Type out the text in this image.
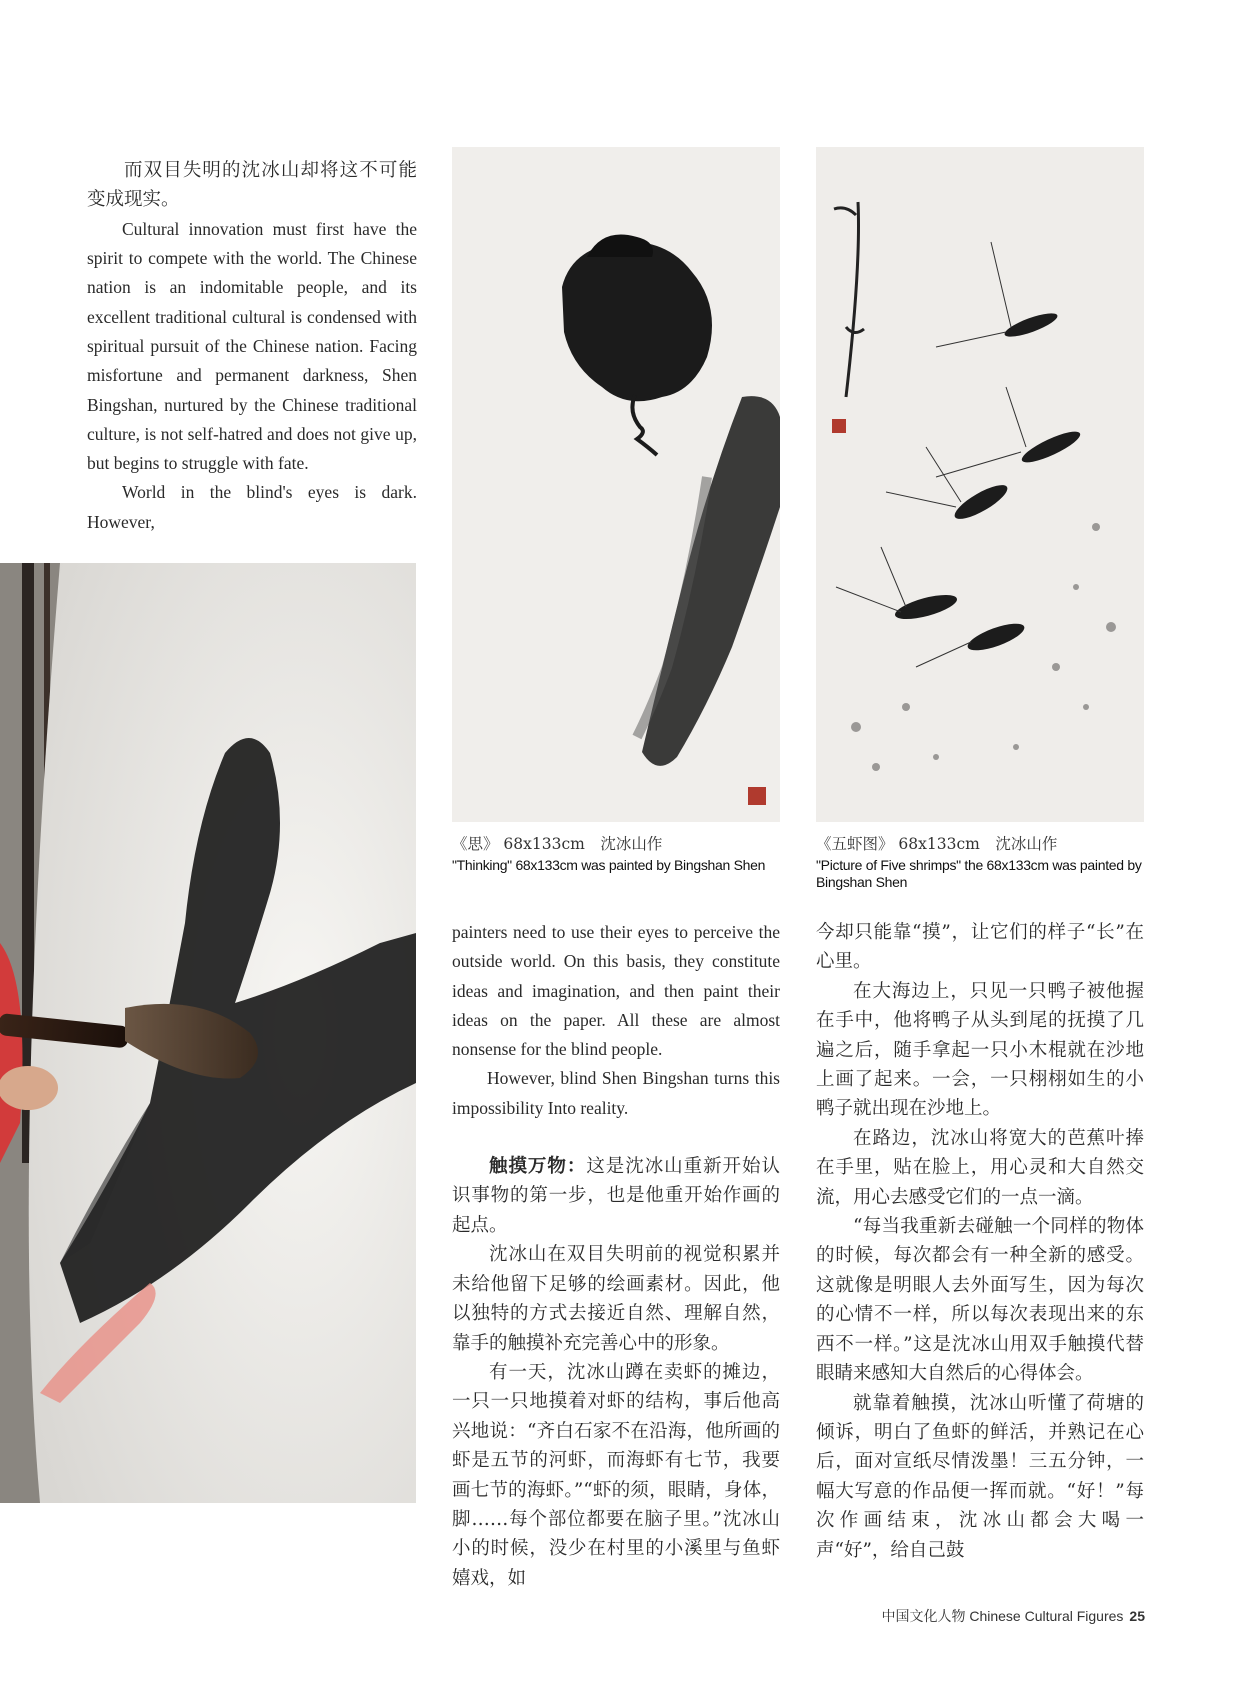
而双目失明的沈冰山却将这不可能变成现实。

Cultural innovation must first have the spirit to compete with the world. The Chinese nation is an indomitable people, and its excellent traditional cultural is condensed with spiritual pursuit of the Chinese nation. Facing misfortune and permanent darkness, Shen Bingshan, nurtured by the Chinese traditional culture, is not self-hatred and does not give up, but begins to struggle with fate.

World in the blind's eyes is dark. However,

《思》 68x133cm　沈冰山作
"Thinking" 68x133cm was painted by Bingshan Shen
《五虾图》 68x133cm　沈冰山作
"Picture of Five shrimps" the 68x133cm was painted by Bingshan Shen

painters need to use their eyes to perceive the outside world. On this basis, they constitute ideas and imagination, and then paint their ideas on the paper. All these are almost nonsense for the blind people.

However, blind Shen Bingshan turns this impossibility Into reality.

触摸万物：这是沈冰山重新开始认识事物的第一步，也是他重开始作画的起点。

沈冰山在双目失明前的视觉积累并未给他留下足够的绘画素材。因此，他以独特的方式去接近自然、理解自然，靠手的触摸补充完善心中的形象。

有一天，沈冰山蹲在卖虾的摊边，一只一只地摸着对虾的结构，事后他高兴地说：“齐白石家不在沿海，他所画的虾是五节的河虾，而海虾有七节，我要画七节的海虾。”“虾的须，眼睛，身体，脚……每个部位都要在脑子里。”沈冰山小的时候，没少在村里的小溪里与鱼虾嬉戏，如

今却只能靠“摸”，让它们的样子“长”在心里。

在大海边上，只见一只鸭子被他握在手中，他将鸭子从头到尾的抚摸了几遍之后，随手拿起一只小木棍就在沙地上画了起来。一会，一只栩栩如生的小鸭子就出现在沙地上。

在路边，沈冰山将宽大的芭蕉叶捧在手里，贴在脸上，用心灵和大自然交流，用心去感受它们的一点一滴。

“每当我重新去碰触一个同样的物体的时候，每次都会有一种全新的感受。这就像是明眼人去外面写生，因为每次的心情不一样，所以每次表现出来的东西不一样。”这是沈冰山用双手触摸代替眼睛来感知大自然后的心得体会。

就靠着触摸，沈冰山听懂了荷塘的倾诉，明白了鱼虾的鲜活，并熟记在心后，面对宣纸尽情泼墨！三五分钟，一幅大写意的作品便一挥而就。“好！”每次作画结束，沈冰山都会大喝一声“好”，给自己鼓

中国文化人物 Chinese Cultural Figures 25
